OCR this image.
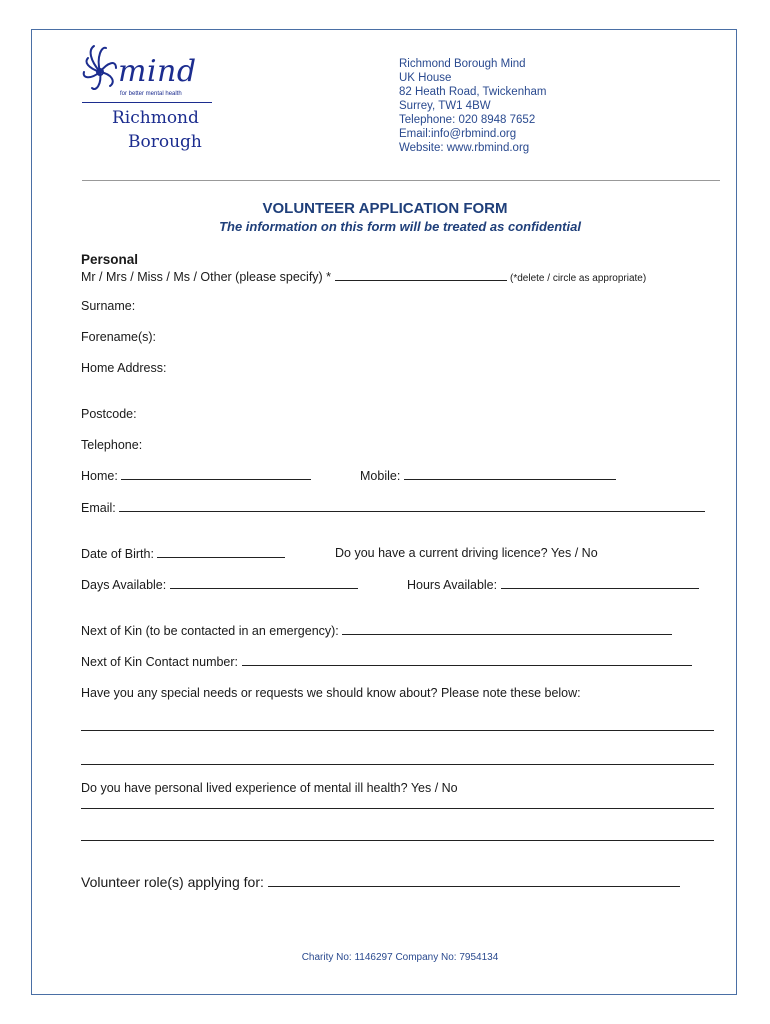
mind
for better mental health
Richmond
Borough
Richmond Borough Mind
UK House
82 Heath Road, Twickenham
Surrey, TW1 4BW
Telephone: 020 8948 7652
Email:info@rbmind.org
Website: www.rbmind.org
VOLUNTEER APPLICATION FORM
The information on this form will be treated as confidential
Personal
Mr / Mrs / Miss / Ms / Other (please specify) *	(*delete / circle as appropriate)
Surname:
Forename(s):
Home Address:
Postcode:
Telephone:
Home:	Mobile:
Email:
Date of Birth:	Do you have a current driving licence? Yes / No
Days Available:	Hours Available:
Next of Kin (to be contacted in an emergency):
Next of Kin Contact number:
Have you any special needs or requests we should know about? Please note these below:
Do you have personal lived experience of mental ill health? Yes / No
Volunteer role(s) applying for:
Charity No: 1146297 Company No: 7954134
